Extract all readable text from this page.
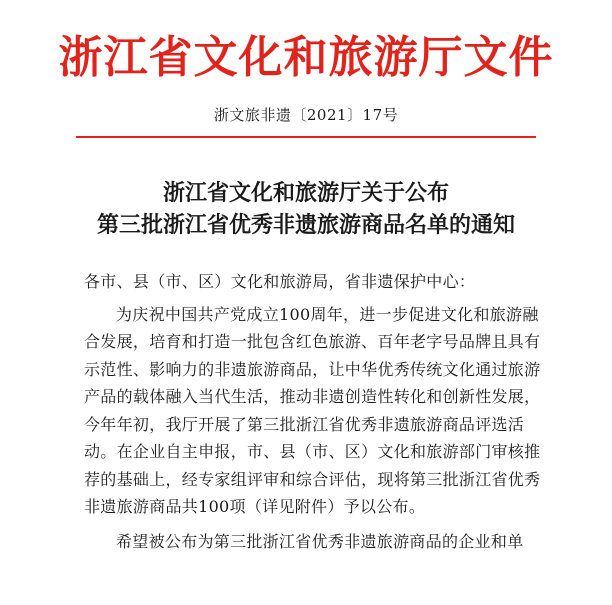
浙江省文化和旅游厅文件
浙文旅非遗〔2021〕17号
浙江省文化和旅游厅关于公布
第三批浙江省优秀非遗旅游商品名单的通知

各市、县（市、区）文化和旅游局，省非遗保护中心：

为庆祝中国共产党成立100周年，进一步促进文化和旅游融

合发展，培育和打造一批包含红色旅游、百年老字号品牌且具有

示范性、影响力的非遗旅游商品，让中华优秀传统文化通过旅游

产品的载体融入当代生活，推动非遗创造性转化和创新性发展，

今年年初，我厅开展了第三批浙江省优秀非遗旅游商品评选活

动。在企业自主申报，市、县（市、区）文化和旅游部门审核推

荐的基础上，经专家组评审和综合评估，现将第三批浙江省优秀

非遗旅游商品共100项（详见附件）予以公布。

希望被公布为第三批浙江省优秀非遗旅游商品的企业和单
